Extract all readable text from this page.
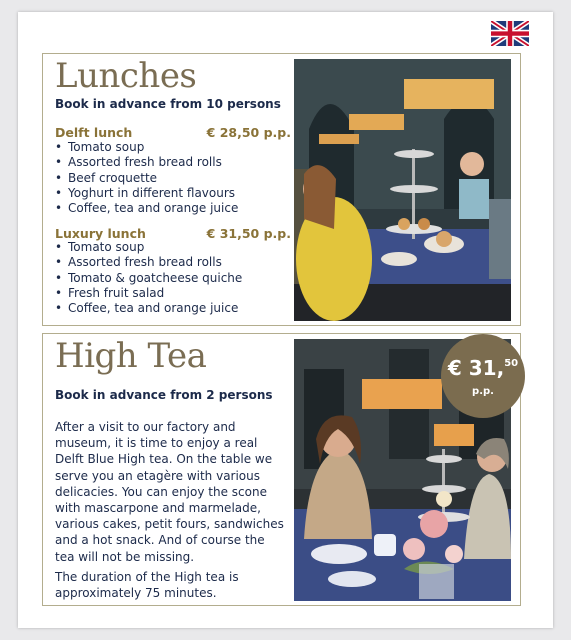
Lunches
Book in advance from 10 persons
Delft lunch	€ 28,50 p.p.
• Tomato soup
• Assorted fresh bread rolls
• Beef croquette
• Yoghurt in different flavours
• Coffee, tea and orange juice
Luxury lunch	€ 31,50 p.p.
• Tomato soup
• Assorted fresh bread rolls
• Tomato & goatcheese quiche
• Fresh fruit salad
• Coffee, tea and orange juice
High Tea
Book in advance from 2 persons
After a visit to our factory and museum, it is time to enjoy a real Delft Blue High tea. On the table we serve you an etagère with various delicacies. You can enjoy the scone with mascarpone and marmelade, various cakes, petit fours, sandwiches and a hot snack. And of course the tea will not be missing.
The duration of the High tea is approximately 75 minutes.
€ 31,50
p.p.
